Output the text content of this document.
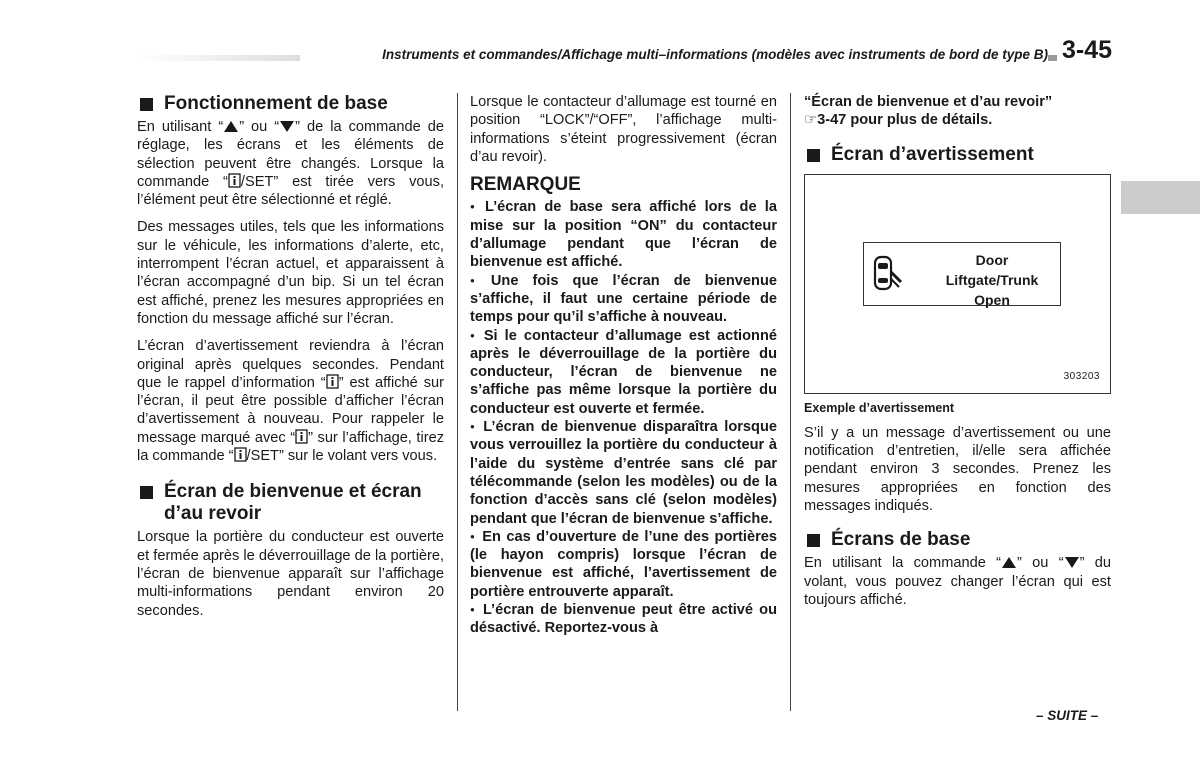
Instruments et commandes/Affichage multi–informations (modèles avec instruments de bord de type B) 3-45
Fonctionnement de base

En utilisant “ ” ou “ ” de la commande de réglage, les écrans et les éléments de sélection peuvent être changés. Lorsque la commande “ /SET” est tirée vers vous, l’élément peut être sélectionné et réglé.

Des messages utiles, tels que les informations sur le véhicule, les informations d’alerte, etc, interrompent l’écran actuel, et apparaissent à l’écran accompagné d’un bip. Si un tel écran est affiché, prenez les mesures appropriées en fonction du message affiché sur l’écran.

L’écran d’avertissement reviendra à l’écran original après quelques secondes. Pendant que le rappel d’information “ ” est affiché sur l’écran, il peut être possible d’afficher l’écran d’avertissement à nouveau. Pour rappeler le message marqué avec “ ” sur l’affichage, tirez la commande “ /SET” sur le volant vers vous.

Écran de bienvenue et écran d’au revoir

Lorsque la portière du conducteur est ouverte et fermée après le déverrouillage de la portière, l’écran de bienvenue apparaît sur l’affichage multi-informations pendant environ 20 secondes.

Lorsque le contacteur d’allumage est tourné en position “LOCK”/“OFF”, l’affichage multi-informations s’éteint progressivement (écran d’au revoir).

REMARQUE
● L’écran de base sera affiché lors de la mise sur la position “ON” du contacteur d’allumage pendant que l’écran de bienvenue est affiché.
● Une fois que l’écran de bienvenue s’affiche, il faut une certaine période de temps pour qu’il s’affiche à nouveau.
● Si le contacteur d’allumage est actionné après le déverrouillage de la portière du conducteur, l’écran de bienvenue ne s’affiche pas même lorsque la portière du conducteur est ouverte et fermée.
● L’écran de bienvenue disparaîtra lorsque vous verrouillez la portière du conducteur à l’aide du système d’entrée sans clé par télécommande (selon les modèles) ou de la fonction d’accès sans clé (selon modèles) pendant que l’écran de bienvenue s’affiche.
● En cas d’ouverture de l’une des portières (le hayon compris) lorsque l’écran de bienvenue est affiché, l’avertissement de portière entrouverte apparaît.
● L’écran de bienvenue peut être activé ou désactivé. Reportez-vous à

“Écran de bienvenue et d’au revoir”
☞3-47 pour plus de détails.

Écran d’avertissement
Door
Liftgate/Trunk
Open
303203
Exemple d’avertissement

S’il y a un message d’avertissement ou une notification d’entretien, il/elle sera affichée pendant environ 3 secondes. Prenez les mesures appropriées en fonction des messages indiqués.

Écrans de base

En utilisant la commande “ ” ou “ ” du volant, vous pouvez changer l’écran qui est toujours affiché.

– SUITE –
